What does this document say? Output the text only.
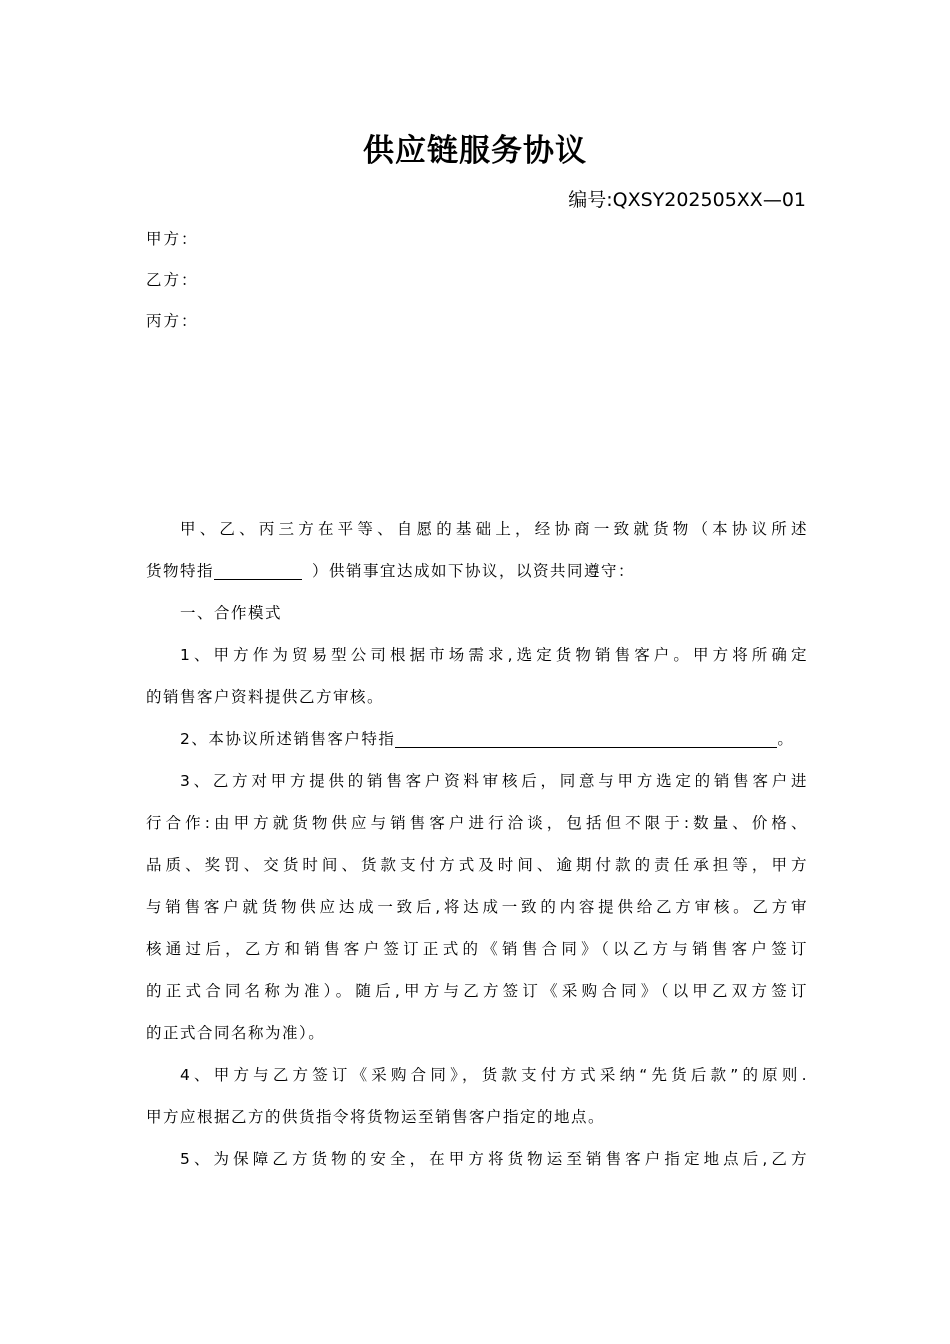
供应链服务协议
编号:QXSY202505XX—01
甲方：
乙方：
丙方：
甲、乙、丙三方在平等、自愿的基础上，经协商一致就货物（本协议所述
货物特指	）供销事宜达成如下协议，以资共同遵守：
一、合作模式
1、甲方作为贸易型公司根据市场需求,选定货物销售客户。甲方将所确定
的销售客户资料提供乙方审核。
2、本协议所述销售客户特指	。
3、乙方对甲方提供的销售客户资料审核后，同意与甲方选定的销售客户进
行合作:由甲方就货物供应与销售客户进行洽谈，包括但不限于:数量、价格、
品质、奖罚、交货时间、货款支付方式及时间、逾期付款的责任承担等，甲方
与销售客户就货物供应达成一致后,将达成一致的内容提供给乙方审核。乙方审
核通过后，乙方和销售客户签订正式的《销售合同》（以乙方与销售客户签订
的正式合同名称为准）。随后,甲方与乙方签订《采购合同》（以甲乙双方签订
的正式合同名称为准）。
4、甲方与乙方签订《采购合同》，货款支付方式采纳“先货后款”的原则.
甲方应根据乙方的供货指令将货物运至销售客户指定的地点。
5、为保障乙方货物的安全，在甲方将货物运至销售客户指定地点后,乙方
